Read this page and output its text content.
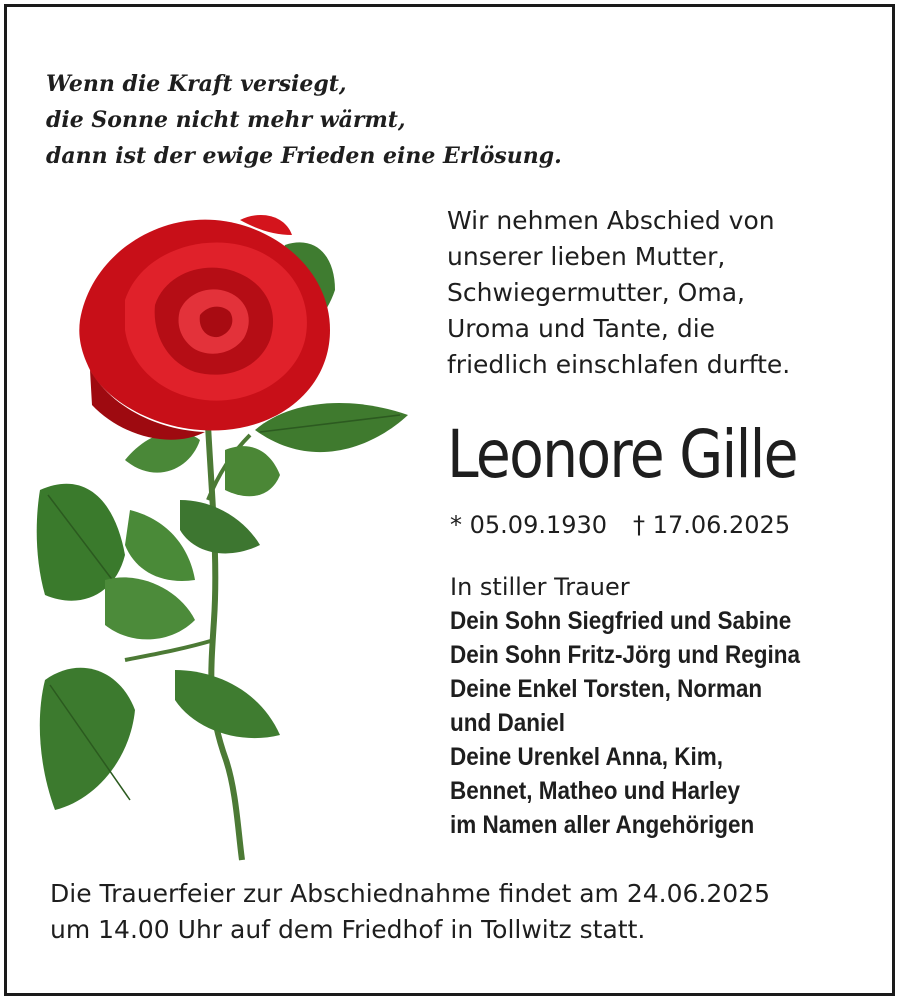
Wenn die Kraft versiegt,
die Sonne nicht mehr wärmt,
dann ist der ewige Frieden eine Erlösung.
Wir nehmen Abschied von
unserer lieben Mutter,
Schwiegermutter, Oma,
Uroma und Tante, die
friedlich einschlafen durfte.
Leonore Gille
* 05.09.1930 † 17.06.2025
In stiller Trauer
Dein Sohn Siegfried und Sabine
Dein Sohn Fritz-Jörg und Regina
Deine Enkel Torsten, Norman
und Daniel
Deine Urenkel Anna, Kim,
Bennet, Matheo und Harley
im Namen aller Angehörigen
Die Trauerfeier zur Abschiednahme findet am 24.06.2025
um 14.00 Uhr auf dem Friedhof in Tollwitz statt.
